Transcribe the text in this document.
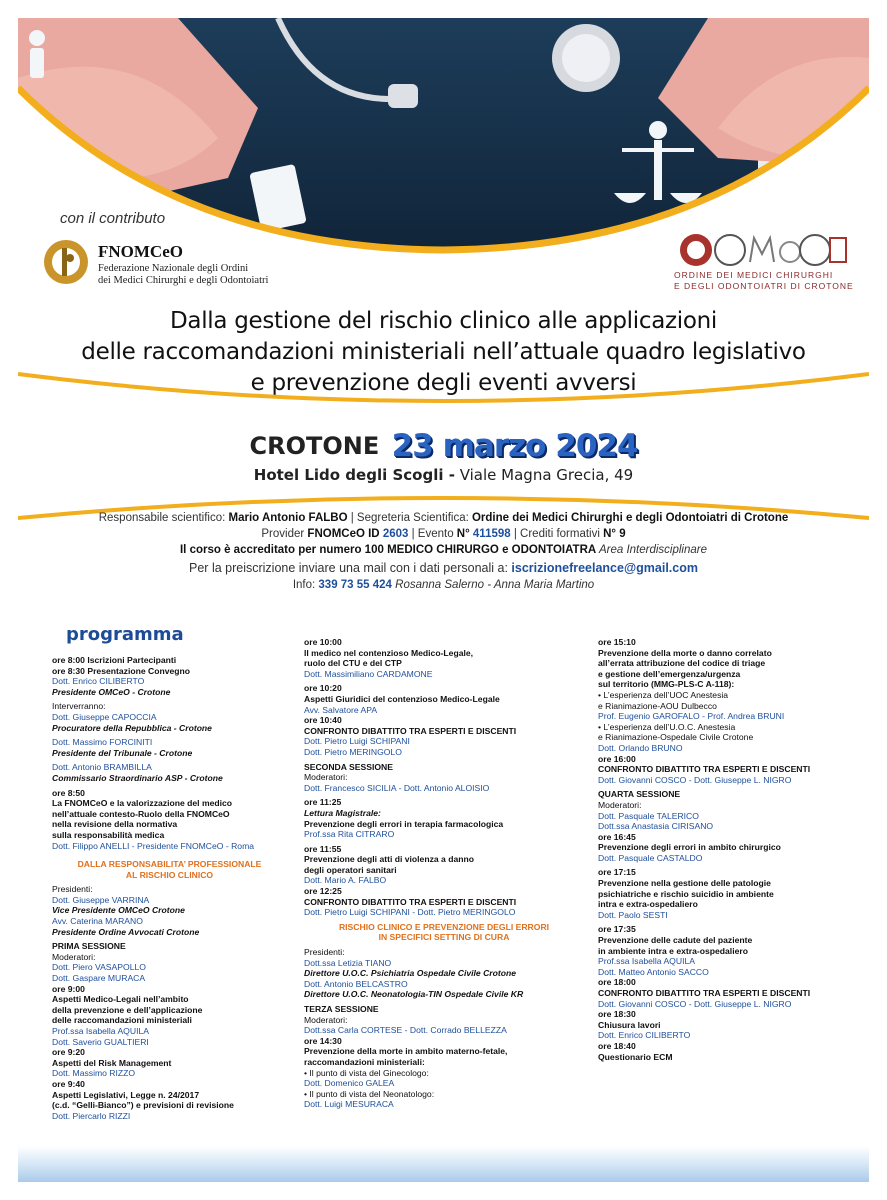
con il contributo
FNOMCeO
Federazione Nazionale degli Ordini
dei Medici Chirurghi e degli Odontoiatri	ORDINE DEI MEDICI CHIRURGHI
E DEGLI ODONTOIATRI DI CROTONE
Dalla gestione del rischio clinico alle applicazioni
delle raccomandazioni ministeriali nell’attuale quadro legislativo
e prevenzione degli eventi avversi
CROTONE 23 marzo 2024
Hotel Lido degli Scogli - Viale Magna Grecia, 49
Responsabile scientifico: Mario Antonio FALBO | Segreteria Scientifica: Ordine dei Medici Chirurghi e degli Odontoiatri di Crotone
Provider FNOMCeO ID 2603 | Evento N° 411598 | Crediti formativi N° 9
Il corso è accreditato per numero 100 MEDICO CHIRURGO e ODONTOIATRA Area Interdisciplinare
Per la preiscrizione inviare una mail con i dati personali a: iscrizionefreelance@gmail.com
Info: 339 73 55 424 Rosanna Salerno - Anna Maria Martino
programma
ore 8:00 Iscrizioni Partecipanti
ore 8:30 Presentazione Convegno
Dott. Enrico CILIBERTO
Presidente OMCeO - Crotone
Interverranno:
Dott. Giuseppe CAPOCCIA
Procuratore della Repubblica - Crotone
Dott. Massimo FORCINITI
Presidente del Tribunale - Crotone
Dott. Antonio BRAMBILLA
Commissario Straordinario ASP - Crotone
ore 8:50
La FNOMCeO e la valorizzazione del medico
nell’attuale contesto-Ruolo della FNOMCeO
nella revisione della normativa
sulla responsabilità medica
Dott. Filippo ANELLI - Presidente FNOMCeO - Roma
DALLA RESPONSABILITA’ PROFESSIONALE
AL RISCHIO CLINICO
Presidenti:
Dott. Giuseppe VARRINA
Vice Presidente OMCeO Crotone
Avv. Caterina MARANO
Presidente Ordine Avvocati Crotone
PRIMA SESSIONE
Moderatori:
Dott. Piero VASAPOLLO
Dott. Gaspare MURACA
ore 9:00
Aspetti Medico-Legali nell’ambito
della prevenzione e dell’applicazione
delle raccomandazioni ministeriali
Prof.ssa Isabella AQUILA
Dott. Saverio GUALTIERI
ore 9:20
Aspetti del Risk Management
Dott. Massimo RIZZO
ore 9:40
Aspetti Legislativi, Legge n. 24/2017
(c.d. “Gelli-Bianco”) e previsioni di revisione
Dott. Piercarlo RIZZI
ore 10:00
Il medico nel contenzioso Medico-Legale,
ruolo del CTU e del CTP
Dott. Massimiliano CARDAMONE
ore 10:20
Aspetti Giuridici del contenzioso Medico-Legale
Avv. Salvatore APA
ore 10:40
CONFRONTO DIBATTITO TRA ESPERTI E DISCENTI
Dott. Pietro Luigi SCHIPANI
Dott. Pietro MERINGOLO
SECONDA SESSIONE
Moderatori:
Dott. Francesco SICILIA - Dott. Antonio ALOISIO
ore 11:25
Lettura Magistrale:
Prevenzione degli errori in terapia farmacologica
Prof.ssa Rita CITRARO
ore 11:55
Prevenzione degli atti di violenza a danno
degli operatori sanitari
Dott. Mario A. FALBO
ore 12:25
CONFRONTO DIBATTITO TRA ESPERTI E DISCENTI
Dott. Pietro Luigi SCHIPANI - Dott. Pietro MERINGOLO
RISCHIO CLINICO E PREVENZIONE DEGLI ERRORI
IN SPECIFICI SETTING DI CURA
Presidenti:
Dott.ssa Letizia TIANO
Direttore U.O.C. Psichiatria Ospedale Civile Crotone
Dott. Antonio BELCASTRO
Direttore U.O.C. Neonatologia-TIN Ospedale Civile KR
TERZA SESSIONE
Moderatori:
Dott.ssa Carla CORTESE - Dott. Corrado BELLEZZA
ore 14:30
Prevenzione della morte in ambito materno-fetale,
raccomandazioni ministeriali:
• Il punto di vista del Ginecologo:
Dott. Domenico GALEA
• Il punto di vista del Neonatologo:
Dott. Luigi MESURACA
ore 15:10
Prevenzione della morte o danno correlato
all’errata attribuzione del codice di triage
e gestione dell’emergenza/urgenza
sul territorio (MMG-PLS-C A-118):
• L’esperienza dell’UOC Anestesia
e Rianimazione-AOU Dulbecco
Prof. Eugenio GAROFALO - Prof. Andrea BRUNI
• L’esperienza dell’U.O.C. Anestesia
e Rianimazione-Ospedale Civile Crotone
Dott. Orlando BRUNO
ore 16:00
CONFRONTO DIBATTITO TRA ESPERTI E DISCENTI
Dott. Giovanni COSCO - Dott. Giuseppe L. NIGRO
QUARTA SESSIONE
Moderatori:
Dott. Pasquale TALERICO
Dott.ssa Anastasia CIRISANO
ore 16:45
Prevenzione degli errori in ambito chirurgico
Dott. Pasquale CASTALDO
ore 17:15
Prevenzione nella gestione delle patologie
psichiatriche e rischio suicidio in ambiente
intra e extra-ospedaliero
Dott. Paolo SESTI
ore 17:35
Prevenzione delle cadute del paziente
in ambiente intra e extra-ospedaliero
Prof.ssa Isabella AQUILA
Dott. Matteo Antonio SACCO
ore 18:00
CONFRONTO DIBATTITO TRA ESPERTI E DISCENTI
Dott. Giovanni COSCO - Dott. Giuseppe L. NIGRO
ore 18:30
Chiusura lavori
Dott. Enrico CILIBERTO
ore 18:40
Questionario ECM
